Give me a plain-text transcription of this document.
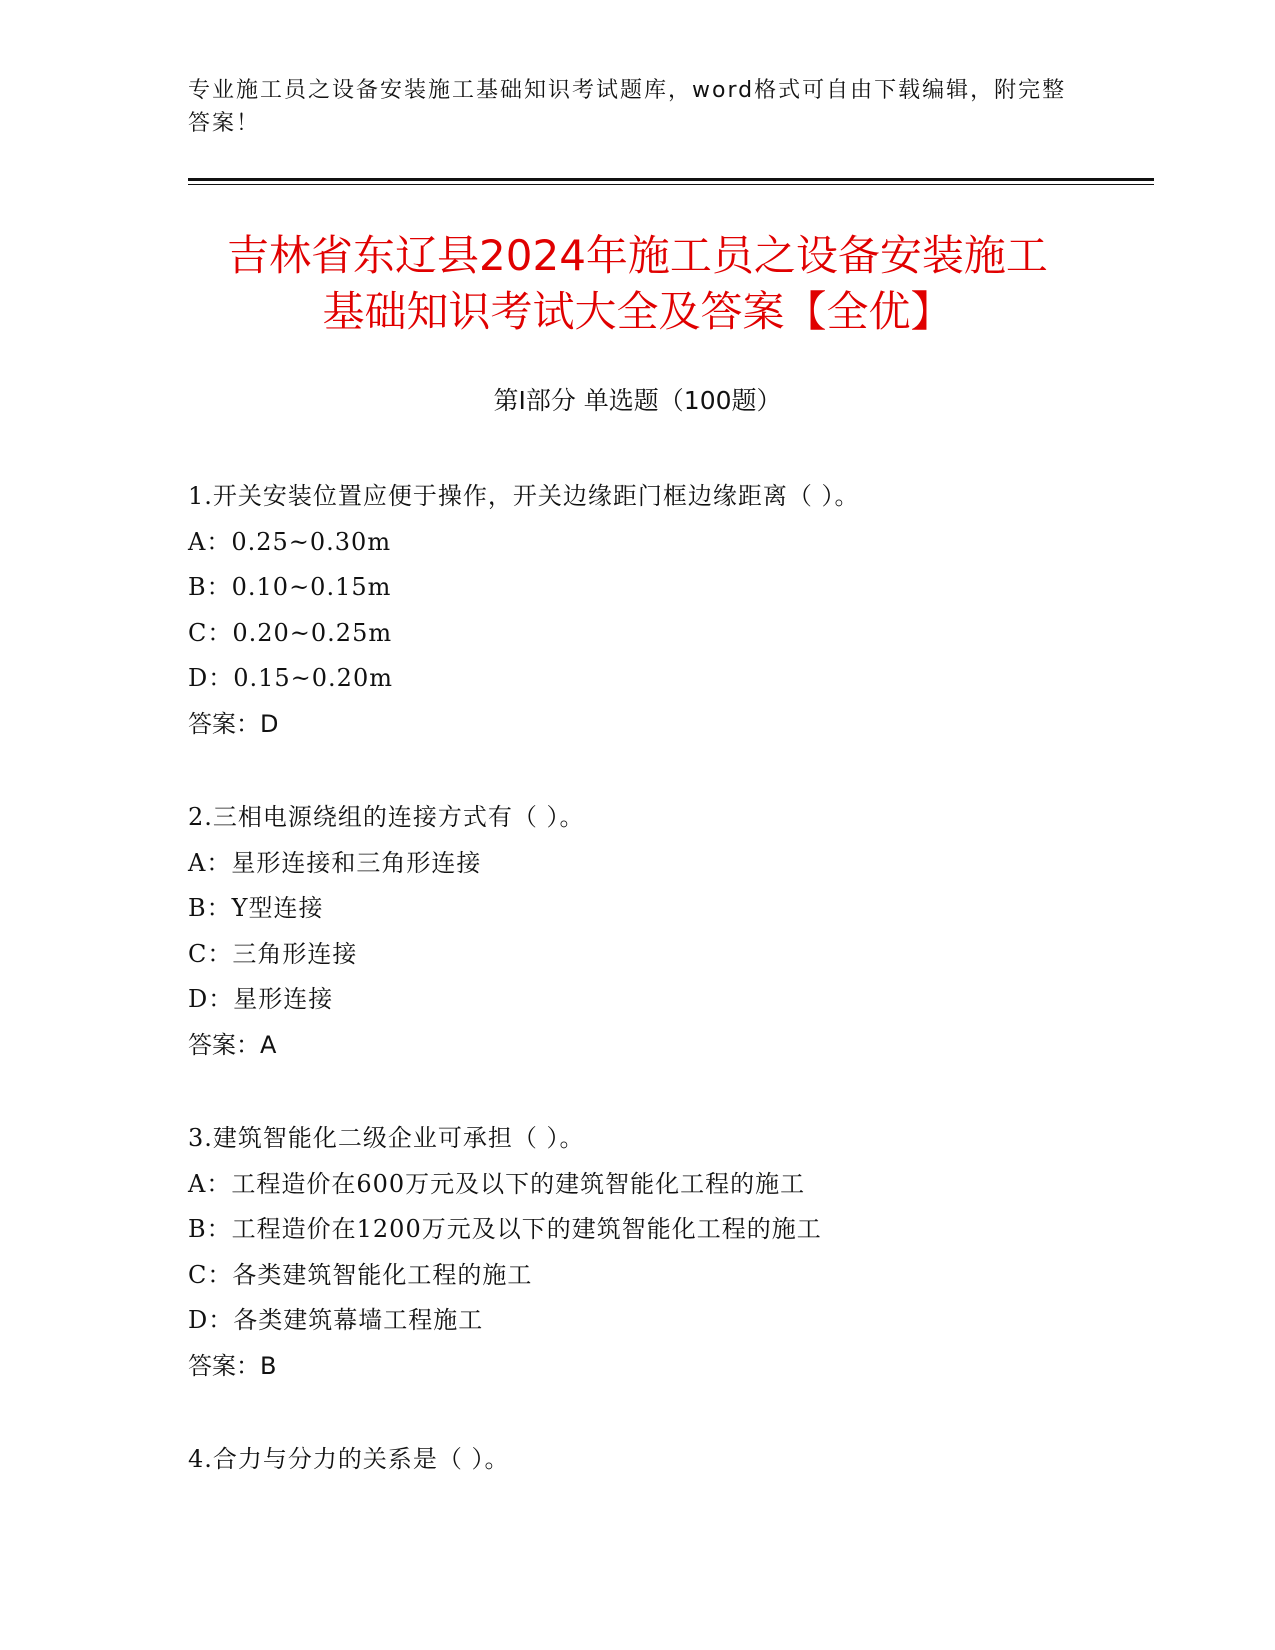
专业施工员之设备安装施工基础知识考试题库，word格式可自由下载编辑，附完整答案！
吉林省东辽县2024年施工员之设备安装施工
基础知识考试大全及答案【全优】
第Ⅰ部分 单选题（100题）
1.开关安装位置应便于操作，开关边缘距门框边缘距离（ ）。
A：0.25~0.30m
B：0.10~0.15m
C：0.20~0.25m
D：0.15~0.20m
答案：D
2.三相电源绕组的连接方式有（ ）。
A：星形连接和三角形连接
B：Y型连接
C：三角形连接
D：星形连接
答案：A
3.建筑智能化二级企业可承担（ ）。
A：工程造价在600万元及以下的建筑智能化工程的施工
B：工程造价在1200万元及以下的建筑智能化工程的施工
C：各类建筑智能化工程的施工
D：各类建筑幕墙工程施工
答案：B
4.合力与分力的关系是（ ）。
